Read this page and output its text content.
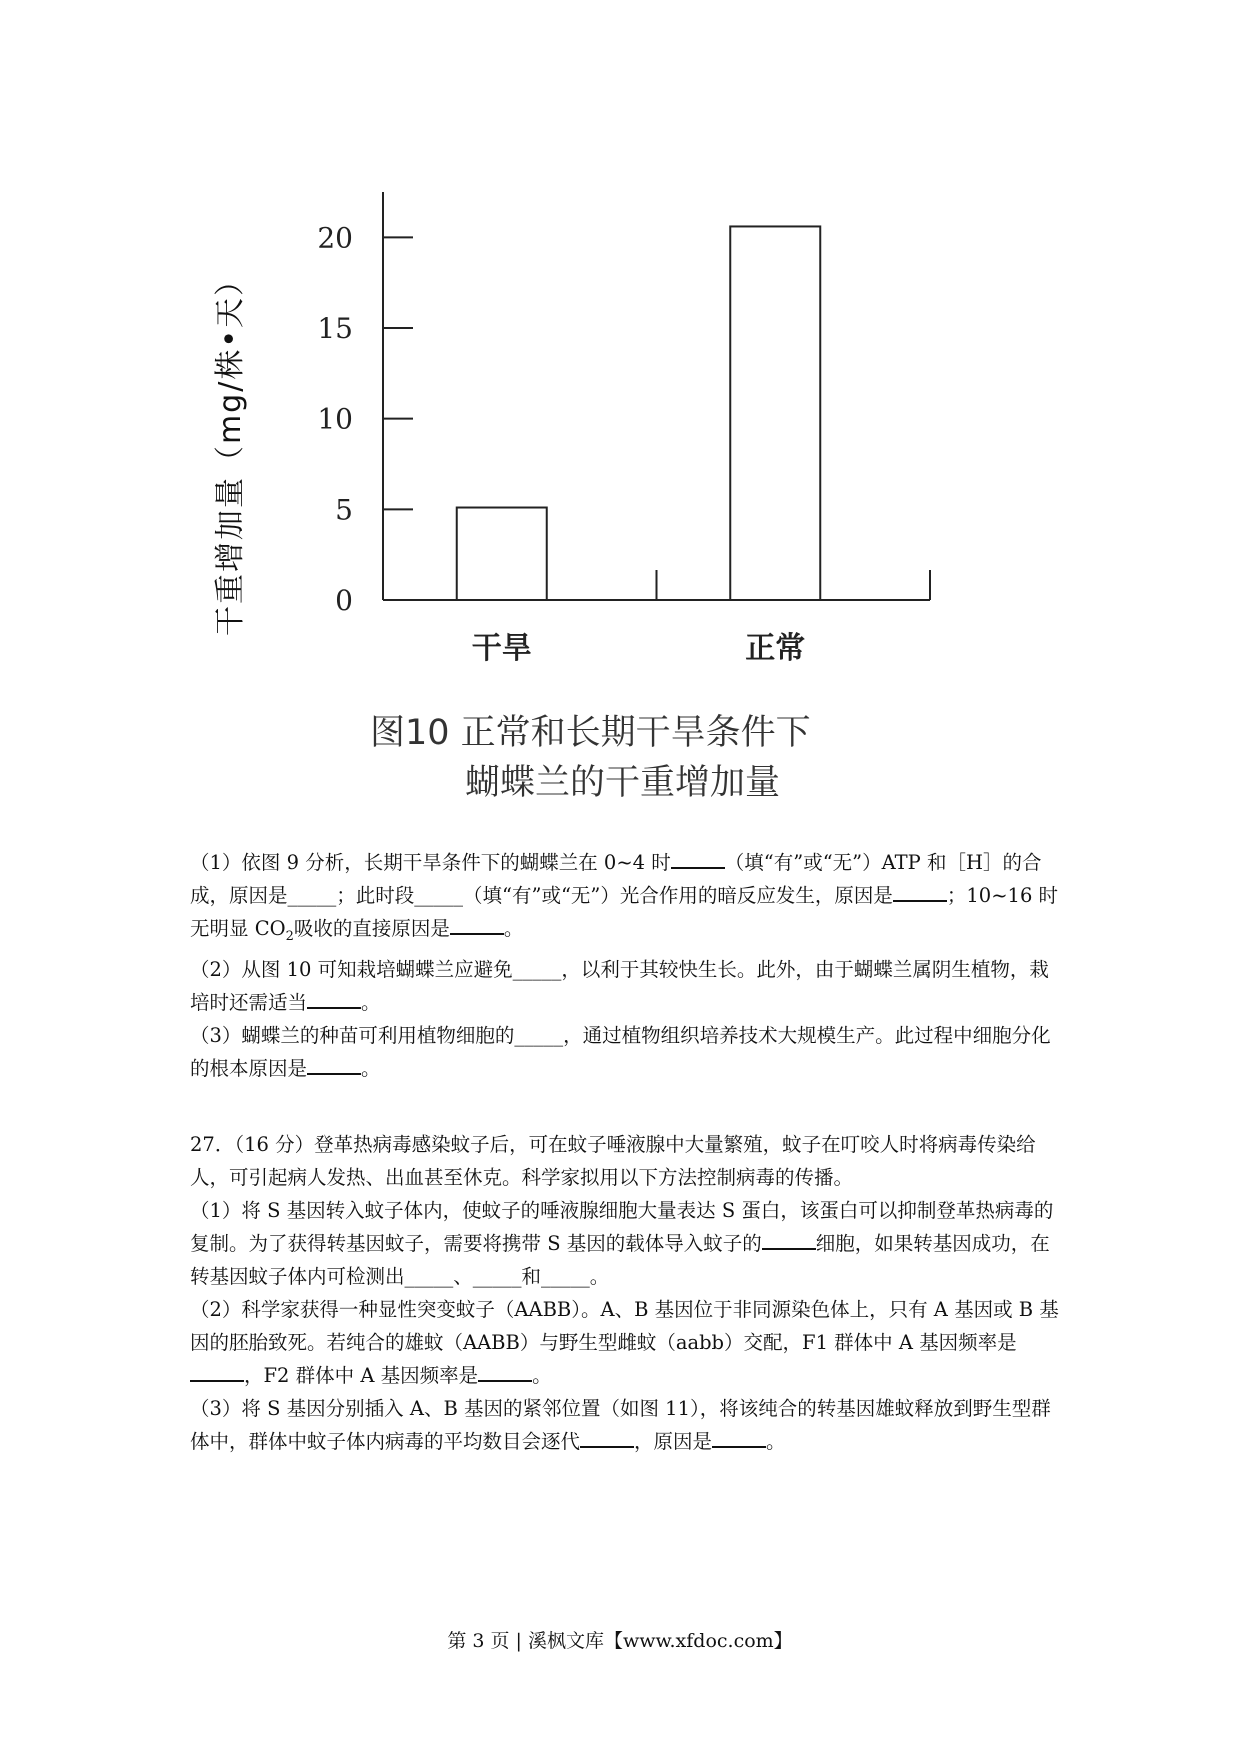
0
5
10
15
20
干旱	正常
干重增加量（mg/株•天）
图10 正常和长期干旱条件下
蝴蝶兰的干重增加量

（1）依图 9 分析，长期干旱条件下的蝴蝶兰在 0~4 时	（填“有”或“无”）ATP 和［H］的合成，原因是_____；此时段_____（填“有”或“无”）光合作用的暗反应发生，原因是	；10~16 时无明显 $CO_2$吸收的直接原因是	。

（2）从图 10 可知栽培蝴蝶兰应避免_____，以利于其较快生长。此外，由于蝴蝶兰属阴生植物，栽培时还需适当	。

（3）蝴蝶兰的种苗可利用植物细胞的_____，通过植物组织培养技术大规模生产。此过程中细胞分化的根本原因是	。

27．（16 分）登革热病毒感染蚊子后，可在蚊子唾液腺中大量繁殖，蚊子在叮咬人时将病毒传染给人，可引起病人发热、出血甚至休克。科学家拟用以下方法控制病毒的传播。

（1）将 S 基因转入蚊子体内，使蚊子的唾液腺细胞大量表达 S 蛋白，该蛋白可以抑制登革热病毒的复制。为了获得转基因蚊子，需要将携带 S 基因的载体导入蚊子的	细胞，如果转基因成功，在转基因蚊子体内可检测出_____、_____和_____。

（2）科学家获得一种显性突变蚊子（AABB）。A、B 基因位于非同源染色体上，只有 A 基因或 B 基因的胚胎致死。若纯合的雄蚊（AABB）与野生型雌蚊（aabb）交配，F1 群体中 A 基因频率是，F2 群体中 A 基因频率是	。

（3）将 S 基因分别插入 A、B 基因的紧邻位置（如图 11），将该纯合的转基因雄蚊释放到野生型群体中，群体中蚊子体内病毒的平均数目会逐代	，原因是	。

第 3 页 | 溪枫文库【www.xfdoc.com】
